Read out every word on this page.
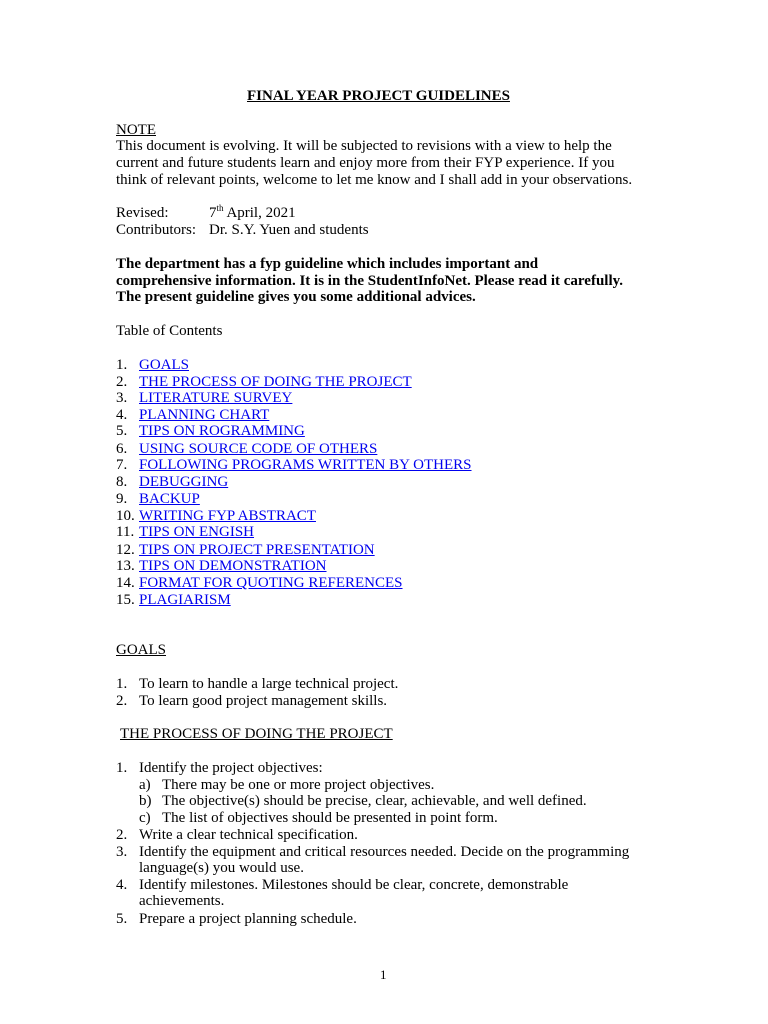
FINAL YEAR PROJECT GUIDELINES
NOTE
This document is evolving. It will be subjected to revisions with a view to help the
current and future students learn and enjoy more from their FYP experience. If you
think of relevant points, welcome to let me know and I shall add in your observations.
Revised:	7th April, 2021
Contributors: Dr. S.Y. Yuen and students
The department has a fyp guideline which includes important and
comprehensive information. It is in the StudentInfoNet. Please read it carefully.
The present guideline gives you some additional advices.
Table of Contents
1. GOALS
2. THE PROCESS OF DOING THE PROJECT
3. LITERATURE SURVEY
4. PLANNING CHART
5. TIPS ON ROGRAMMING
6. USING SOURCE CODE OF OTHERS
7. FOLLOWING PROGRAMS WRITTEN BY OTHERS
8. DEBUGGING
9. BACKUP
10. WRITING FYP ABSTRACT
11. TIPS ON ENGISH
12. TIPS ON PROJECT PRESENTATION
13. TIPS ON DEMONSTRATION
14. FORMAT FOR QUOTING REFERENCES
15. PLAGIARISM
GOALS
1. To learn to handle a large technical project.
2. To learn good project management skills.
THE PROCESS OF DOING THE PROJECT
1. Identify the project objectives:
a) There may be one or more project objectives.
b) The objective(s) should be precise, clear, achievable, and well defined.
c) The list of objectives should be presented in point form.
2. Write a clear technical specification.
3. Identify the equipment and critical resources needed. Decide on the programming
language(s) you would use.
4. Identify milestones. Milestones should be clear, concrete, demonstrable
achievements.
5. Prepare a project planning schedule.
1
